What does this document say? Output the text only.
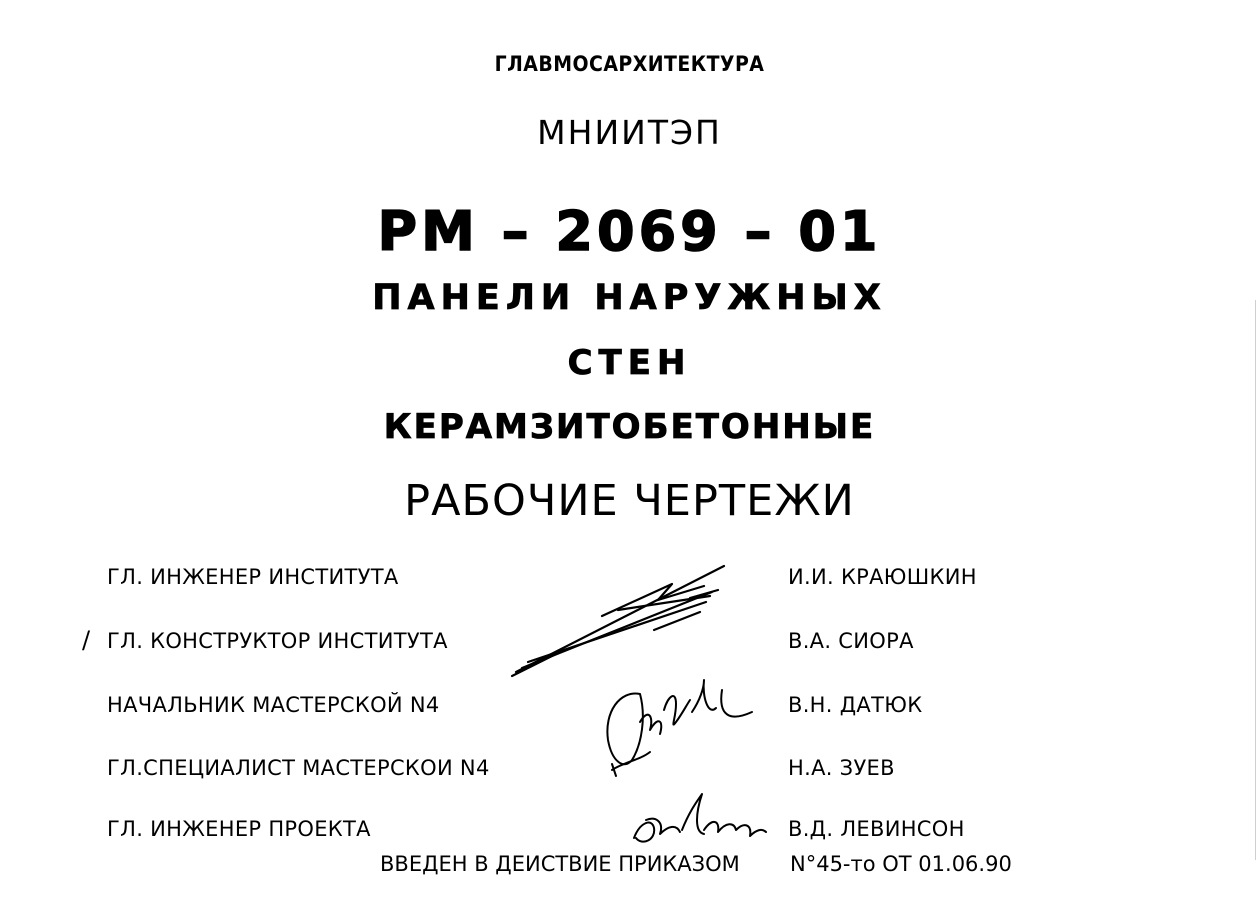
ГЛАВМОСАРХИТЕКТУРА
МНИИТЭП
РМ – 2069 – 01
ПАНЕЛИ НАРУЖНЫХ
СТЕН
КЕРАМЗИТОБЕТОННЫЕ
РАБОЧИЕ ЧЕРТЕЖИ
ГЛ. ИНЖЕНЕР ИНСТИТУТА	И.И. КРАЮШКИН
/ ГЛ. КОНСТРУКТОР ИНСТИТУТА	В.А. СИОРА
НАЧАЛЬНИК МАСТЕРСКОЙ N4	В.Н. ДАТЮК
ГЛ.СПЕЦИАЛИСТ МАСТЕРСКОИ N4	Н.А. ЗУЕВ
ГЛ. ИНЖЕНЕР ПРОЕКТА	В.Д. ЛЕВИНСОН
ВВЕДЕН В ДЕИСТВИЕ ПРИКАЗОМ N°45-то ОТ 01.06.90
